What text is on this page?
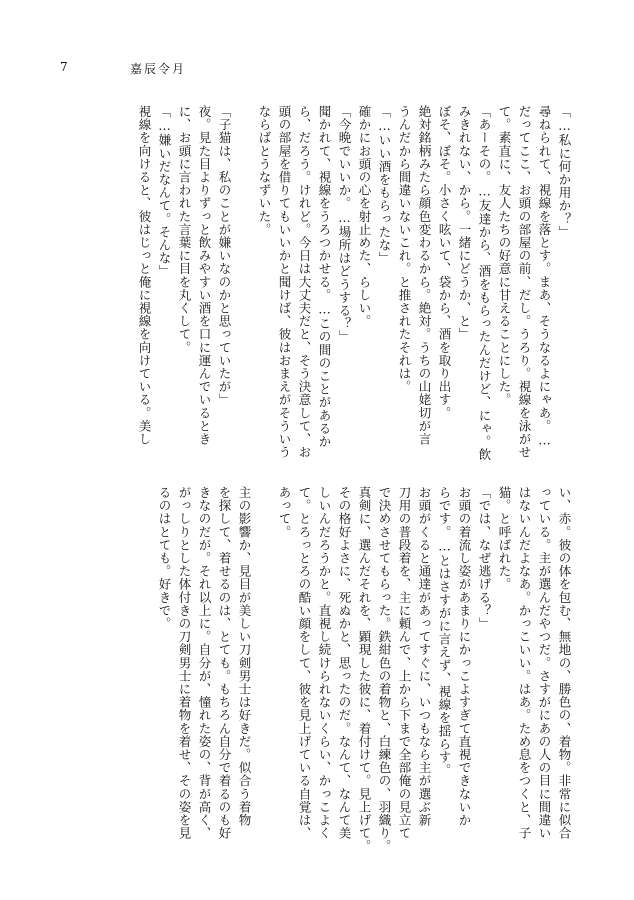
7	嘉辰令月
「…私に何か用か？」
尋ねられて、視線を落とす。まあ、そうなるよにゃあ。…
だってここ、お頭の部屋の前、だし。うろり。視線を泳がせ
て。素直に、友人たちの好意に甘えることにした。
「あーその。…友達から、酒をもらったんだけど、にゃ。飲
みきれない、から。一緒にどうか、と」
ぼそ、ぼそ。小さく呟いて、袋から、酒を取り出す。
絶対銘柄みたら顔色変わるから。絶対。うちの山姥切が言
うんだから間違いないこれ。と推されたそれは。
「…いい酒をもらったな」
確かにお頭の心を射止めた、らしい。
「今晩でいいか。…場所はどうする？」
聞かれて、視線をうろつかせる。…この間のことがあるか
ら、だろう。けれど。今日は大丈夫だと、そう決意して、お
頭の部屋を借りてもいいかと聞けば、彼はおまえがそういう
ならばとうなずいた。

「子猫は、私のことが嫌いなのかと思っていたが」
夜。見た目よりずっと飲みやすい酒を口に運んでいるとき
に、お頭に言われた言葉に目を丸くして。
「…嫌いだなんて。そんな」
視線を向けると、彼はじっと俺に視線を向けている。美し
い、赤。彼の体を包む、無地の、勝色の、着物。非常に似合
っている。主が選んだやつだ。さすがにあの人の目に間違い
はないんだよなあ。かっこいい。はあ。ため息をつくと、子
猫。と呼ばれた。
「では、なぜ逃げる？」
お頭の着流し姿があまりにかっこよすぎて直視できないか
らです。…とはさすがに言えず、視線を揺らす。
お頭がくると通達があってすぐに、いつもなら主が選ぶ新
刀用の普段着を、主に頼んで、上から下まで全部俺の見立て
で決めさせてもらった。鉄紺色の着物と、白練色の、羽織り。
真剣に、選んだそれを、顕現した彼に、着付けて。見上げて。
その格好よさに、死ぬかと、思ったのだ。なんて、なんて美
しいんだろうかと。直視し続けられないくらい、かっこよく
て。とろっとろの酷い顔をして、彼を見上げている自覚は、
あって。

主の影響か、見目が美しい刀剣男士は好きだ。似合う着物
を探して、着せるのは、とても。もちろん自分で着るのも好
きなのだが。それ以上に。自分が、憧れた姿の、背が高く、
がっしりとした体付きの刀剣男士に着物を着せ、その姿を見
るのはとても。好きで。
